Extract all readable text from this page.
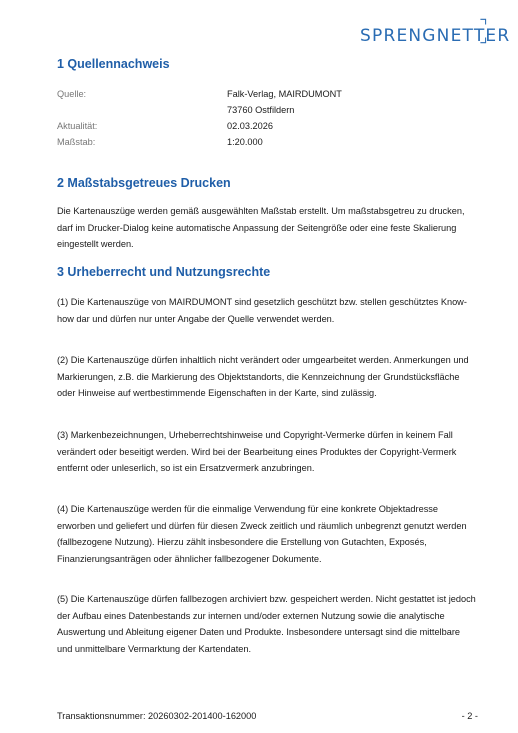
SPRENGNETTER
1 Quellennachweis
Quelle:	Falk-Verlag, MAIRDUMONT
73760 Ostfildern
Aktualität:	02.03.2026
Maßstab:	1:20.000
2 Maßstabsgetreues Drucken

Die Kartenauszüge werden gemäß ausgewählten Maßstab erstellt. Um maßstabsgetreu zu drucken, darf im Drucker-Dialog keine automatische Anpassung der Seitengröße oder eine feste Skalierung eingestellt werden.

3 Urheberrecht und Nutzungsrechte

(1) Die Kartenauszüge von MAIRDUMONT sind gesetzlich geschützt bzw. stellen geschütztes Know- how dar und dürfen nur unter Angabe der Quelle verwendet werden.

(2) Die Kartenauszüge dürfen inhaltlich nicht verändert oder umgearbeitet werden. Anmerkungen und Markierungen, z.B. die Markierung des Objektstandorts, die Kennzeichnung der Grundstücksfläche oder Hinweise auf wertbestimmende Eigenschaften in der Karte, sind zulässig.

(3) Markenbezeichnungen, Urheberrechtshinweise und Copyright-Vermerke dürfen in keinem Fall verändert oder beseitigt werden. Wird bei der Bearbeitung eines Produktes der Copyright-Vermerk entfernt oder unleserlich, so ist ein Ersatzvermerk anzubringen.

(4) Die Kartenauszüge werden für die einmalige Verwendung für eine konkrete Objektadresse erworben und geliefert und dürfen für diesen Zweck zeitlich und räumlich unbegrenzt genutzt werden (fallbezogene Nutzung). Hierzu zählt insbesondere die Erstellung von Gutachten, Exposés, Finanzierungsanträgen oder ähnlicher fallbezogener Dokumente.

(5) Die Kartenauszüge dürfen fallbezogen archiviert bzw. gespeichert werden. Nicht gestattet ist jedoch der Aufbau eines Datenbestands zur internen und/oder externen Nutzung sowie die analytische Auswertung und Ableitung eigener Daten und Produkte. Insbesondere untersagt sind die mittelbare und unmittelbare Vermarktung der Kartendaten.

Transaktionsnummer: 20260302-201400-162000	- 2 -
